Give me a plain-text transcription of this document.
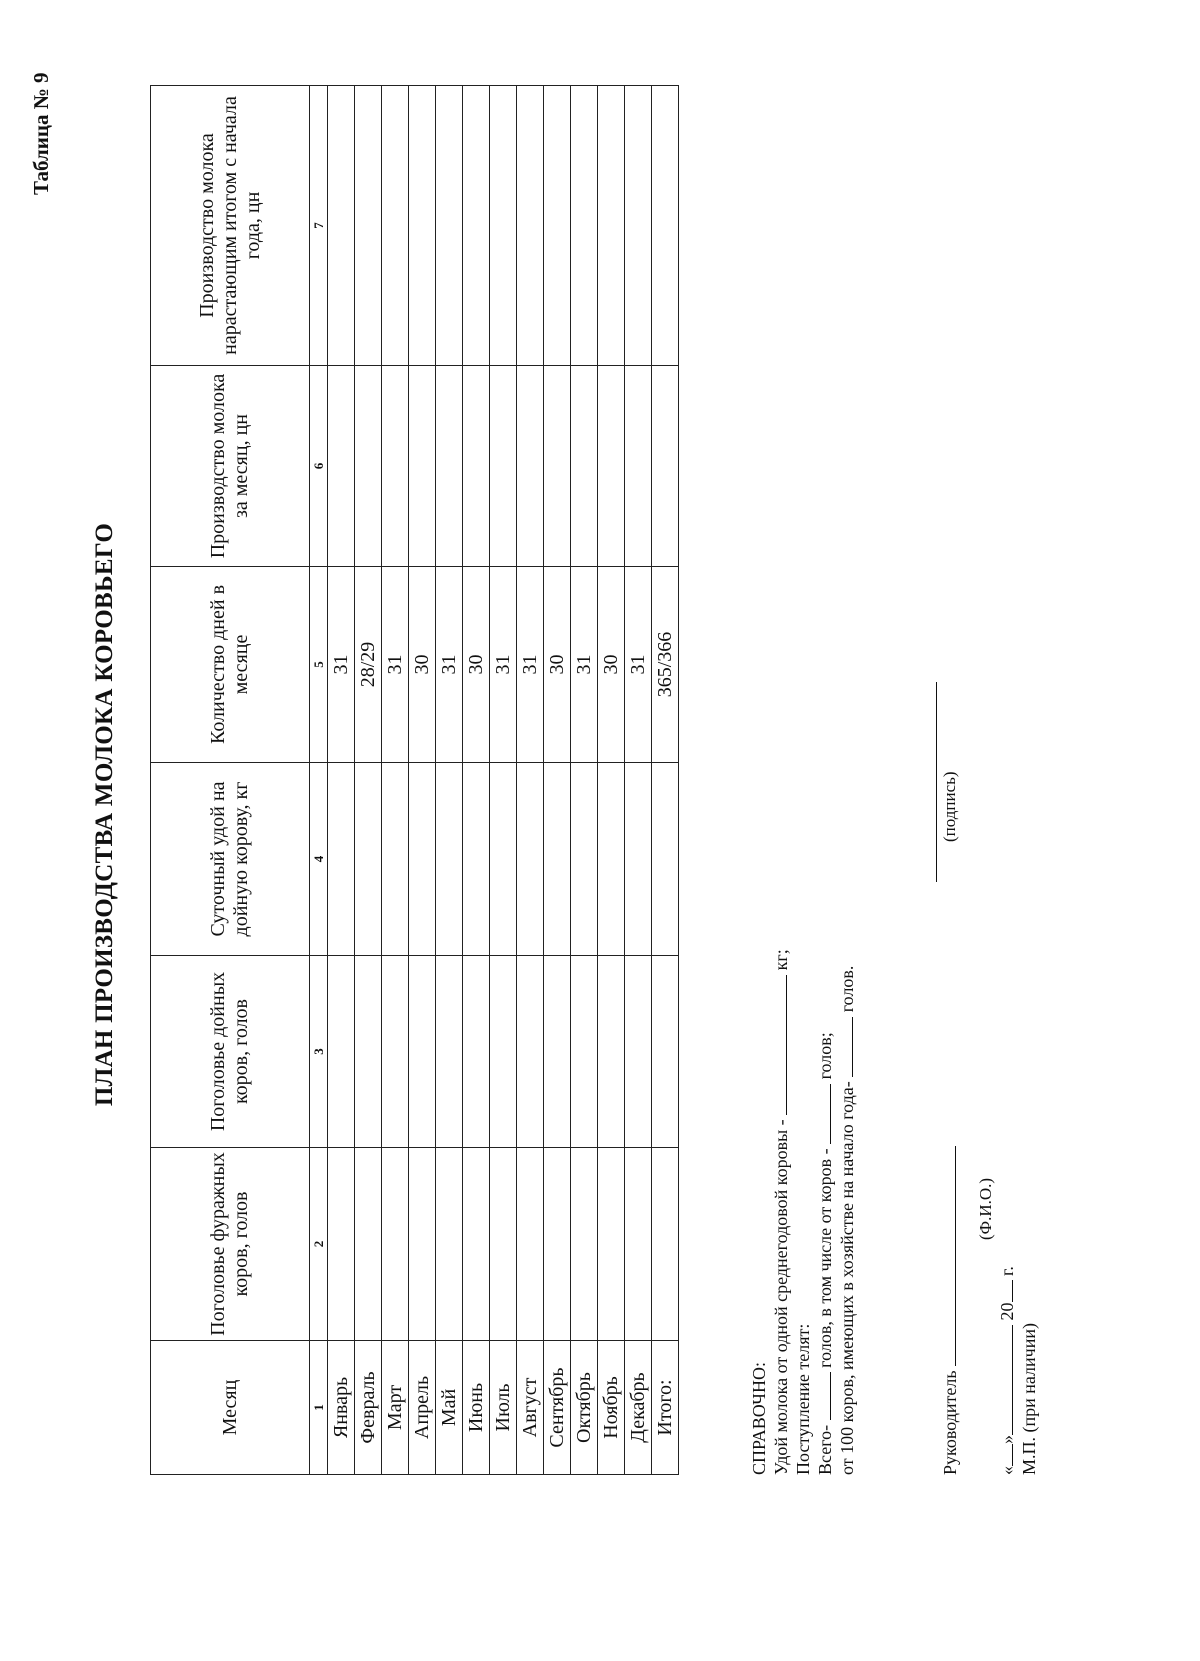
Таблица № 9
ПЛАН ПРОИЗВОДСТВА МОЛОКА КОРОВЬЕГО
Месяц	Поголовье фуражных коров, голов	Поголовье дойных коров, голов	Суточный удой на дойную корову, кг	Количество дней в месяце	Производство молока за месяц, цн	Производство молока нарастающим итогом с начала года, цн
1	2	3	4	5	6	7
Январь				31		
Февраль				28/29		
Март				31		
Апрель				30		
Май				31		
Июнь				30		
Июль				31		
Август				31		
Сентябрь				30		
Октябрь				31		
Ноябрь				30		
Декабрь				31		
Итого:				365/366		
СПРАВОЧНО: Удой молока от одной среднегодовой коровы -  кг;
Поступление телят: Всего-  голов, в том числе от коров -  голов;
от 100 коров, имеющих в хозяйстве на начало года-  голов.
Руководитель
(Ф.И.О.)
(подпись)
«» 20 г.
М.П. (при наличии)
